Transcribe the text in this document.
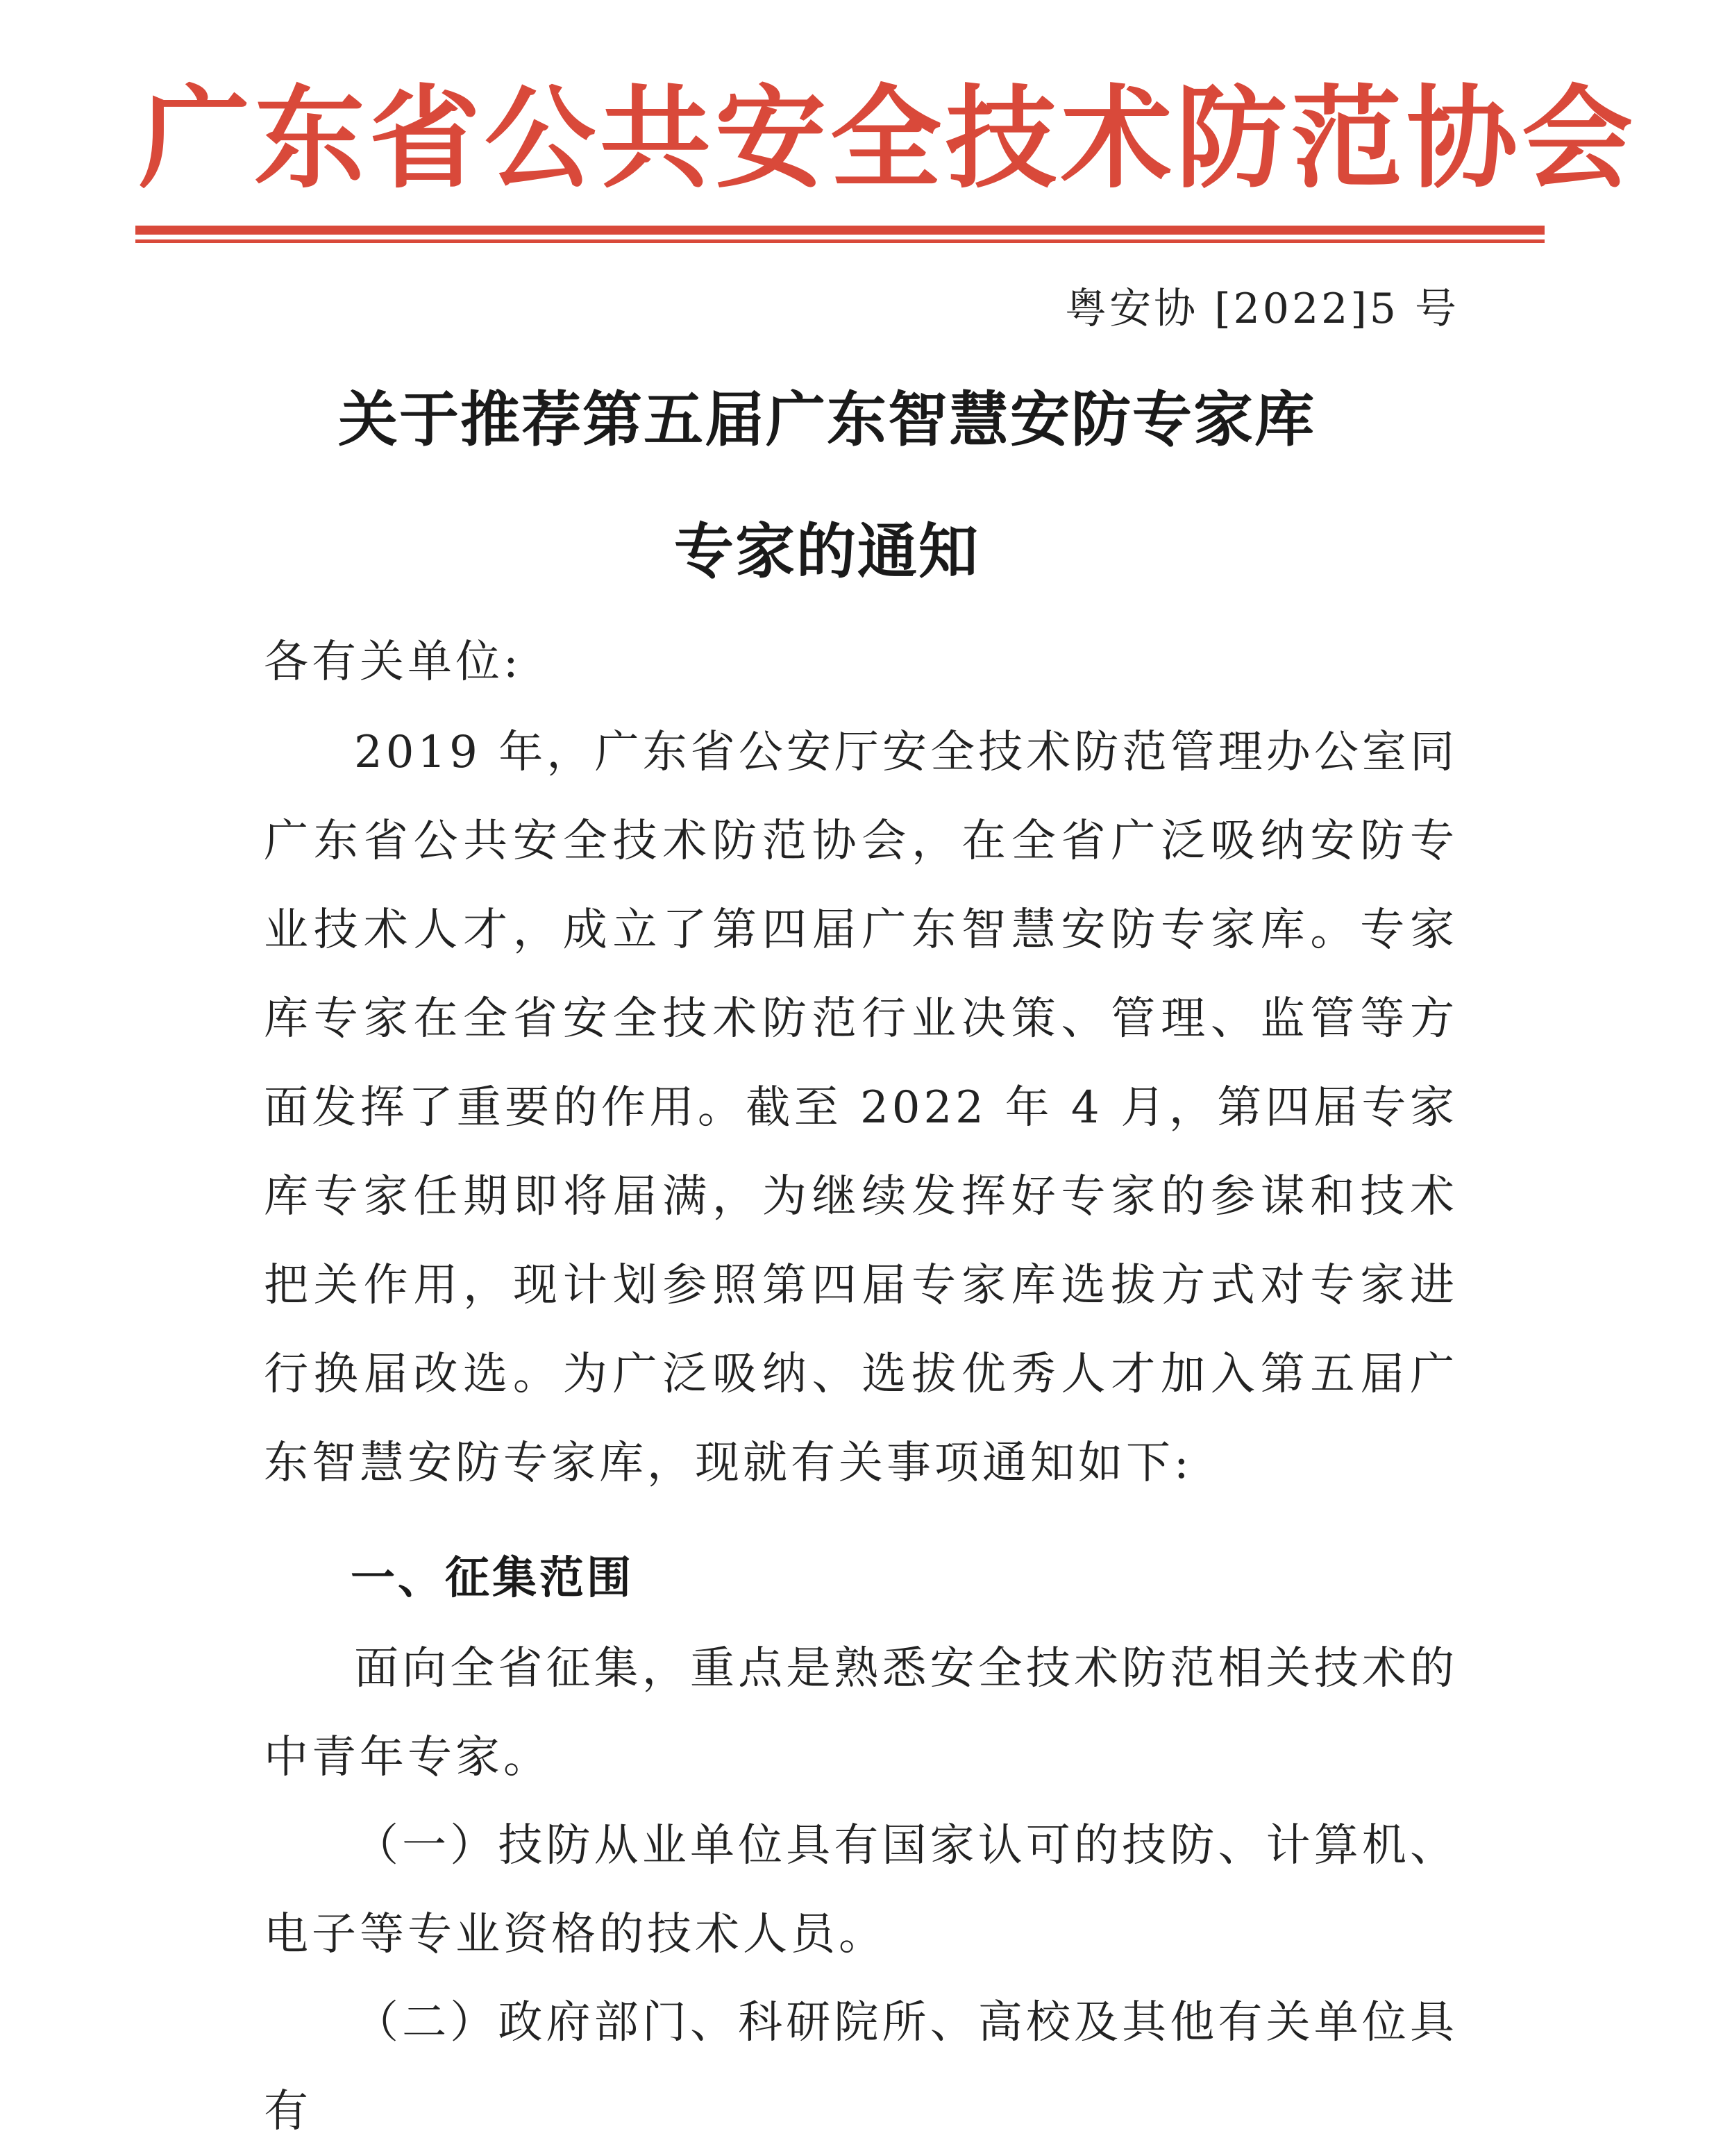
广东省公共安全技术防范协会
粤安协 [2022]5 号
关于推荐第五届广东智慧安防专家库
专家的通知
各有关单位:

2019 年，广东省公安厅安全技术防范管理办公室同广东省公共安全技术防范协会，在全省广泛吸纳安防专业技术人才，成立了第四届广东智慧安防专家库。专家库专家在全省安全技术防范行业决策、管理、监管等方面发挥了重要的作用。截至 2022 年 4 月，第四届专家库专家任期即将届满，为继续发挥好专家的参谋和技术把关作用，现计划参照第四届专家库选拔方式对专家进行换届改选。为广泛吸纳、选拔优秀人才加入第五届广东智慧安防专家库，现就有关事项通知如下:

一、征集范围

面向全省征集，重点是熟悉安全技术防范相关技术的中青年专家。

（一）技防从业单位具有国家认可的技防、计算机、电子等专业资格的技术人员。

（二）政府部门、科研院所、高校及其他有关单位具有
